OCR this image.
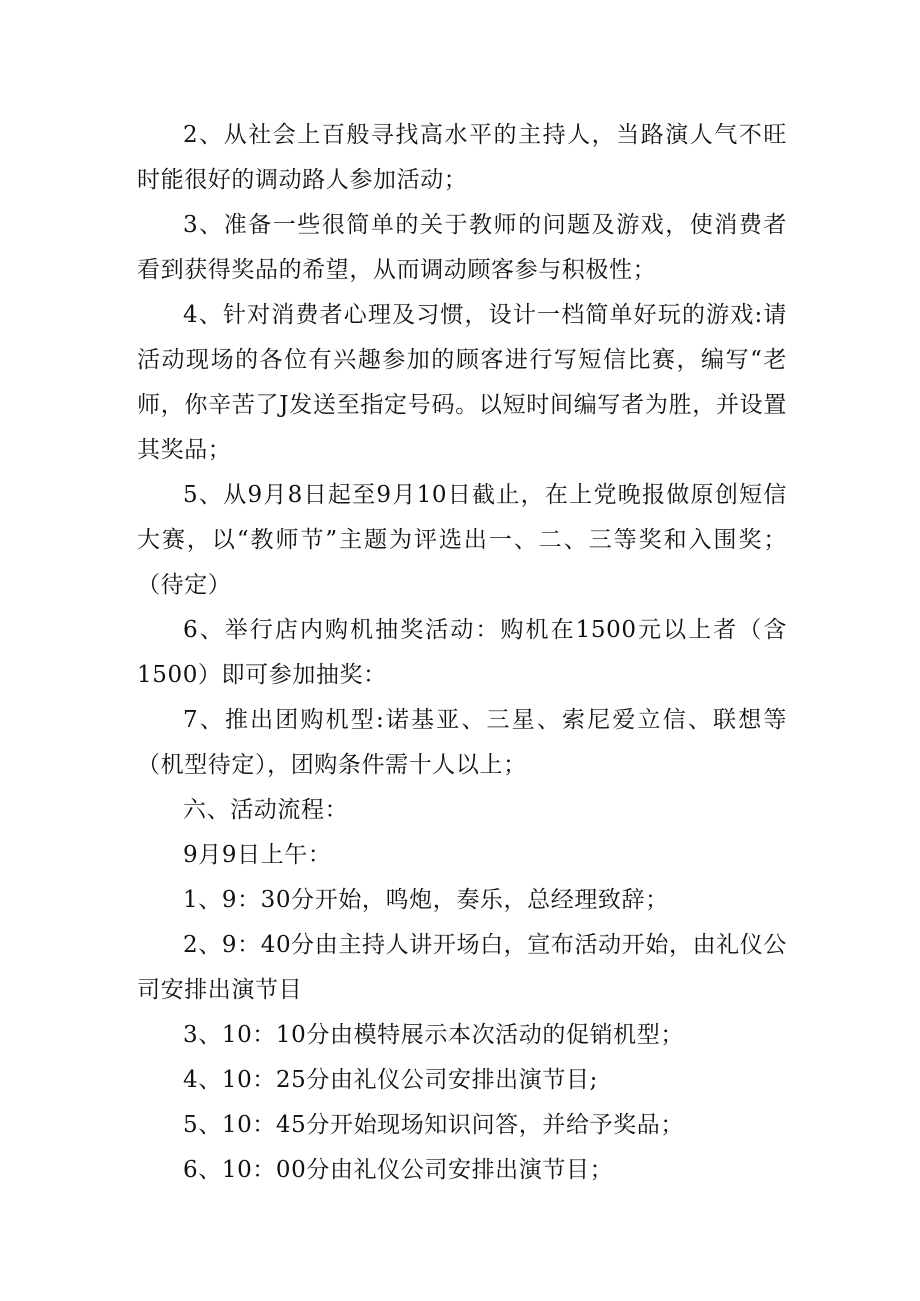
2、从社会上百般寻找高水平的主持人，当路演人气不旺时能很好的调动路人参加活动；

3、准备一些很简单的关于教师的问题及游戏，使消费者看到获得奖品的希望，从而调动顾客参与积极性；

4、针对消费者心理及习惯，设计一档简单好玩的游戏:请活动现场的各位有兴趣参加的顾客进行写短信比赛，编写“老师，你辛苦了J发送至指定号码。以短时间编写者为胜，并设置其奖品；

5、从9月8日起至9月10日截止，在上党晚报做原创短信大赛，以“教师节”主题为评选出一、二、三等奖和入围奖；（待定）

6、举行店内购机抽奖活动：购机在1500元以上者（含1500）即可参加抽奖：

7、推出团购机型:诺基亚、三星、索尼爱立信、联想等（机型待定），团购条件需十人以上；

六、活动流程：

9月9日上午：

1、9：30分开始，鸣炮，奏乐，总经理致辞；

2、9：40分由主持人讲开场白，宣布活动开始，由礼仪公司安排出演节目

3、10：10分由模特展示本次活动的促销机型；

4、10：25分由礼仪公司安排出演节目;

5、10：45分开始现场知识问答，并给予奖品；

6、10：00分由礼仪公司安排出演节目；
